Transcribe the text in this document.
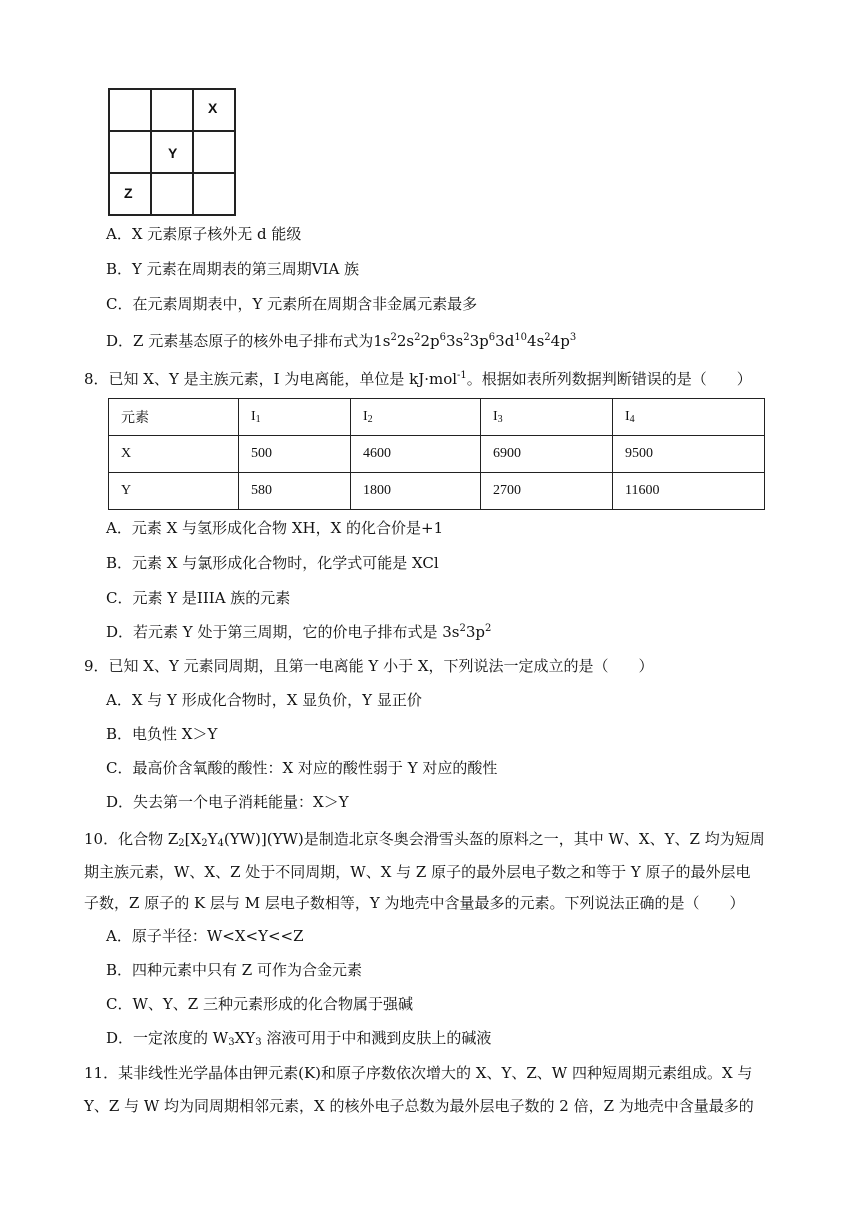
		X

	Y	

Z		

A．X 元素原子核外无 d 能级
B．Y 元素在周期表的第三周期VIA 族
C．在元素周期表中，Y 元素所在周期含非金属元素最多
D．Z 元素基态原子的核外电子排布式为$1s^22s^22p^63s^23p^63d^{10}4s^24p^3$
8．已知 X、Y 是主族元素，I 为电离能，单位是 kJ·mol$^{-1}$。根据如表所列数据判断错误的是（　　）
元素	$I_1$	$I_2$	$I_3$	$I_4$
X	500	4600	6900	9500
Y	580	1800	2700	11600
A．元素 X 与氢形成化合物 XH，X 的化合价是+1
B．元素 X 与氯形成化合物时，化学式可能是 XCl
C．元素 Y 是IIIA 族的元素
D．若元素 Y 处于第三周期，它的价电子排布式是 $3s^23p^2$
9．已知 X、Y 元素同周期，且第一电离能 Y 小于 X，下列说法一定成立的是（　　）
A．X 与 Y 形成化合物时，X 显负价，Y 显正价
B．电负性 X＞Y
C．最高价含氧酸的酸性：X 对应的酸性弱于 Y 对应的酸性
D．失去第一个电子消耗能量：X＞Y
10．化合物 $Z_2[X_2Y_4(YW)](YW)$是制造北京冬奥会滑雪头盔的原料之一，其中 W、X、Y、Z 均为短周
期主族元素，W、X、Z 处于不同周期，W、X 与 Z 原子的最外层电子数之和等于 Y 原子的最外层电
子数，Z 原子的 K 层与 M 层电子数相等，Y 为地壳中含量最多的元素。下列说法正确的是（　　）
A．原子半径：W<X<Y<<Z
B．四种元素中只有 Z 可作为合金元素
C．W、Y、Z 三种元素形成的化合物属于强碱
D．一定浓度的 $W_3XY_3$ 溶液可用于中和溅到皮肤上的碱液
11．某非线性光学晶体由钾元素(K)和原子序数依次增大的 X、Y、Z、W 四种短周期元素组成。X 与
Y、Z 与 W 均为同周期相邻元素，X 的核外电子总数为最外层电子数的 2 倍，Z 为地壳中含量最多的
